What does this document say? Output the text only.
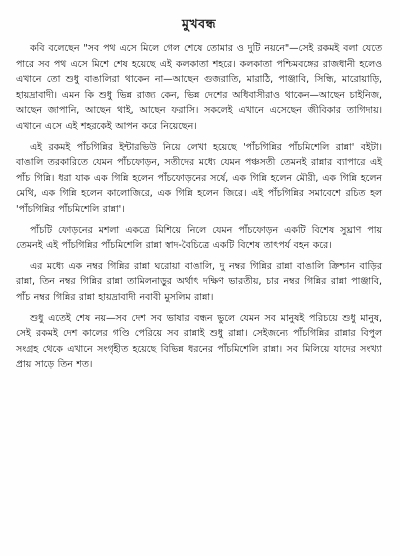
মুখবন্ধ

কবি বলেছেন "সব পথ এসে মিলে গেল শেষে তোমার ও দুটি নয়নে"—সেই রকমই বলা যেতে পারে সব পথ এসে মিশে শেষ হয়েছে এই কলকাতা শহরে। কলকাতা পশ্চিমবঙ্গের রাজধানী হলেও এখানে তো শুধু বাঙালিরা থাকেন না—আছেন গুজরাতি, মারাঠি, পাঞ্জাবি, সিন্ধি, মারোয়াড়ি, হায়দ্রাবাদী। এমন কি শুধু ভিন্ন রাজ্য কেন, ভিন্ন দেশের অধিবাসীরাও থাকেন—আছেন চাইনিজ, আছেন জাপানি, আছেন থাই, আছেন ফরাসি। সকলেই এখানে এসেছেন জীবিকার তাগিদায়। এখানে এসে এই শহরকেই আপন করে নিয়েছেন।

এই রকমই পাঁচগিন্নির ইন্টারভিউ নিয়ে লেখা হয়েছে 'পাঁচগিন্নির পাঁচমিশেলি রান্না' বইটা। বাঙালি তরকারিতে যেমন পাঁচফোড়ন, সতীদের মধ্যে যেমন পঞ্চসতী তেমনই রান্নার ব্যাপারে এই পাঁচ গিন্নি। ধরা যাক এক গিন্নি হলেন পাঁচফোড়নের সর্ষে, এক গিন্নি হলেন মৌরী, এক গিন্নি হলেন মেথি, এক গিন্নি হলেন কালোজিরে, এক গিন্নি হলেন জিরে। এই পাঁচগিন্নির সমাবেশে রচিত হল 'পাঁচগিন্নির পাঁচমিশেলি রান্না'।

পাঁচটি ফোড়নের মশলা একত্রে মিশিয়ে নিলে যেমন পাঁচফোড়ন একটি বিশেষ সুঘ্রাণ পায় তেমনই এই পাঁচগিন্নির পাঁচমিশেলি রান্না স্বাদ-বৈচিত্রে একটি বিশেষ তাৎপর্য বহন করে।

এর মধ্যে এক নম্বর গিন্নির রান্না ঘরোয়া বাঙালি, দু নম্বর গিন্নির রান্না বাঙালি ক্রিশ্চান বাড়ির রান্না, তিন নম্বর গিন্নির রান্না তামিলনাড়ুর অর্থাৎ দক্ষিণ ভারতীয়, চার নম্বর গিন্নির রান্না পাঞ্জাবি, পাঁচ নম্বর গিন্নির রান্না হায়দ্রাবাদী নবাবী মুসলিম রান্না।

শুধু এতেই শেষ নয়—সব দেশ সব ভাষার বন্ধন ভুলে যেমন সব মানুষই পরিচয়ে শুধু মানুষ, সেই রকমই দেশ কালের গণ্ডি পেরিয়ে সব রান্নাই শুধু রান্না। সেইজন্যে পাঁচগিন্নির রান্নার বিপুল সংগ্রহ থেকে এখানে সংগৃহীত হয়েছে বিভিন্ন ধরনের পাঁচমিশেলি রান্না। সব মিলিয়ে যাদের সংখ্যা প্রায় সাড়ে তিন শত।
